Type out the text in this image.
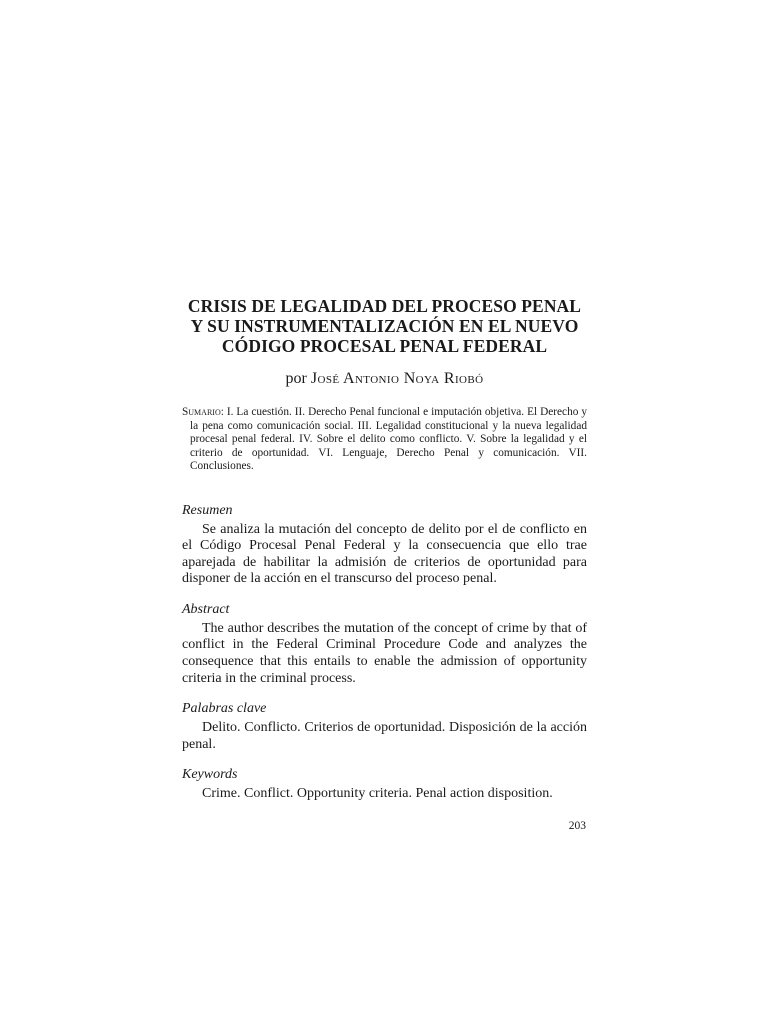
CRISIS DE LEGALIDAD DEL PROCESO PENAL
Y SU INSTRUMENTALIZACIÓN EN EL NUEVO
CÓDIGO PROCESAL PENAL FEDERAL
por José Antonio Noya Riobó
Sumario: I. La cuestión. II. Derecho Penal funcional e imputación objetiva. El Derecho y la pena como comunicación social. III. Legalidad constitucional y la nueva legalidad procesal penal federal. IV. Sobre el delito como conflicto. V. Sobre la legalidad y el criterio de oportunidad. VI. Lenguaje, Derecho Penal y comunicación. VII. Conclusiones.
Resumen
Se analiza la mutación del concepto de delito por el de conflicto en el Código Procesal Penal Federal y la consecuencia que ello trae aparejada de habilitar la admisión de criterios de oportunidad para disponer de la acción en el transcurso del proceso penal.
Abstract
The author describes the mutation of the concept of crime by that of conflict in the Federal Criminal Procedure Code and analyzes the consequence that this entails to enable the admission of opportunity criteria in the criminal process.
Palabras clave
Delito. Conflicto. Criterios de oportunidad. Disposición de la acción penal.
Keywords
Crime. Conflict. Opportunity criteria. Penal action disposition.
203
